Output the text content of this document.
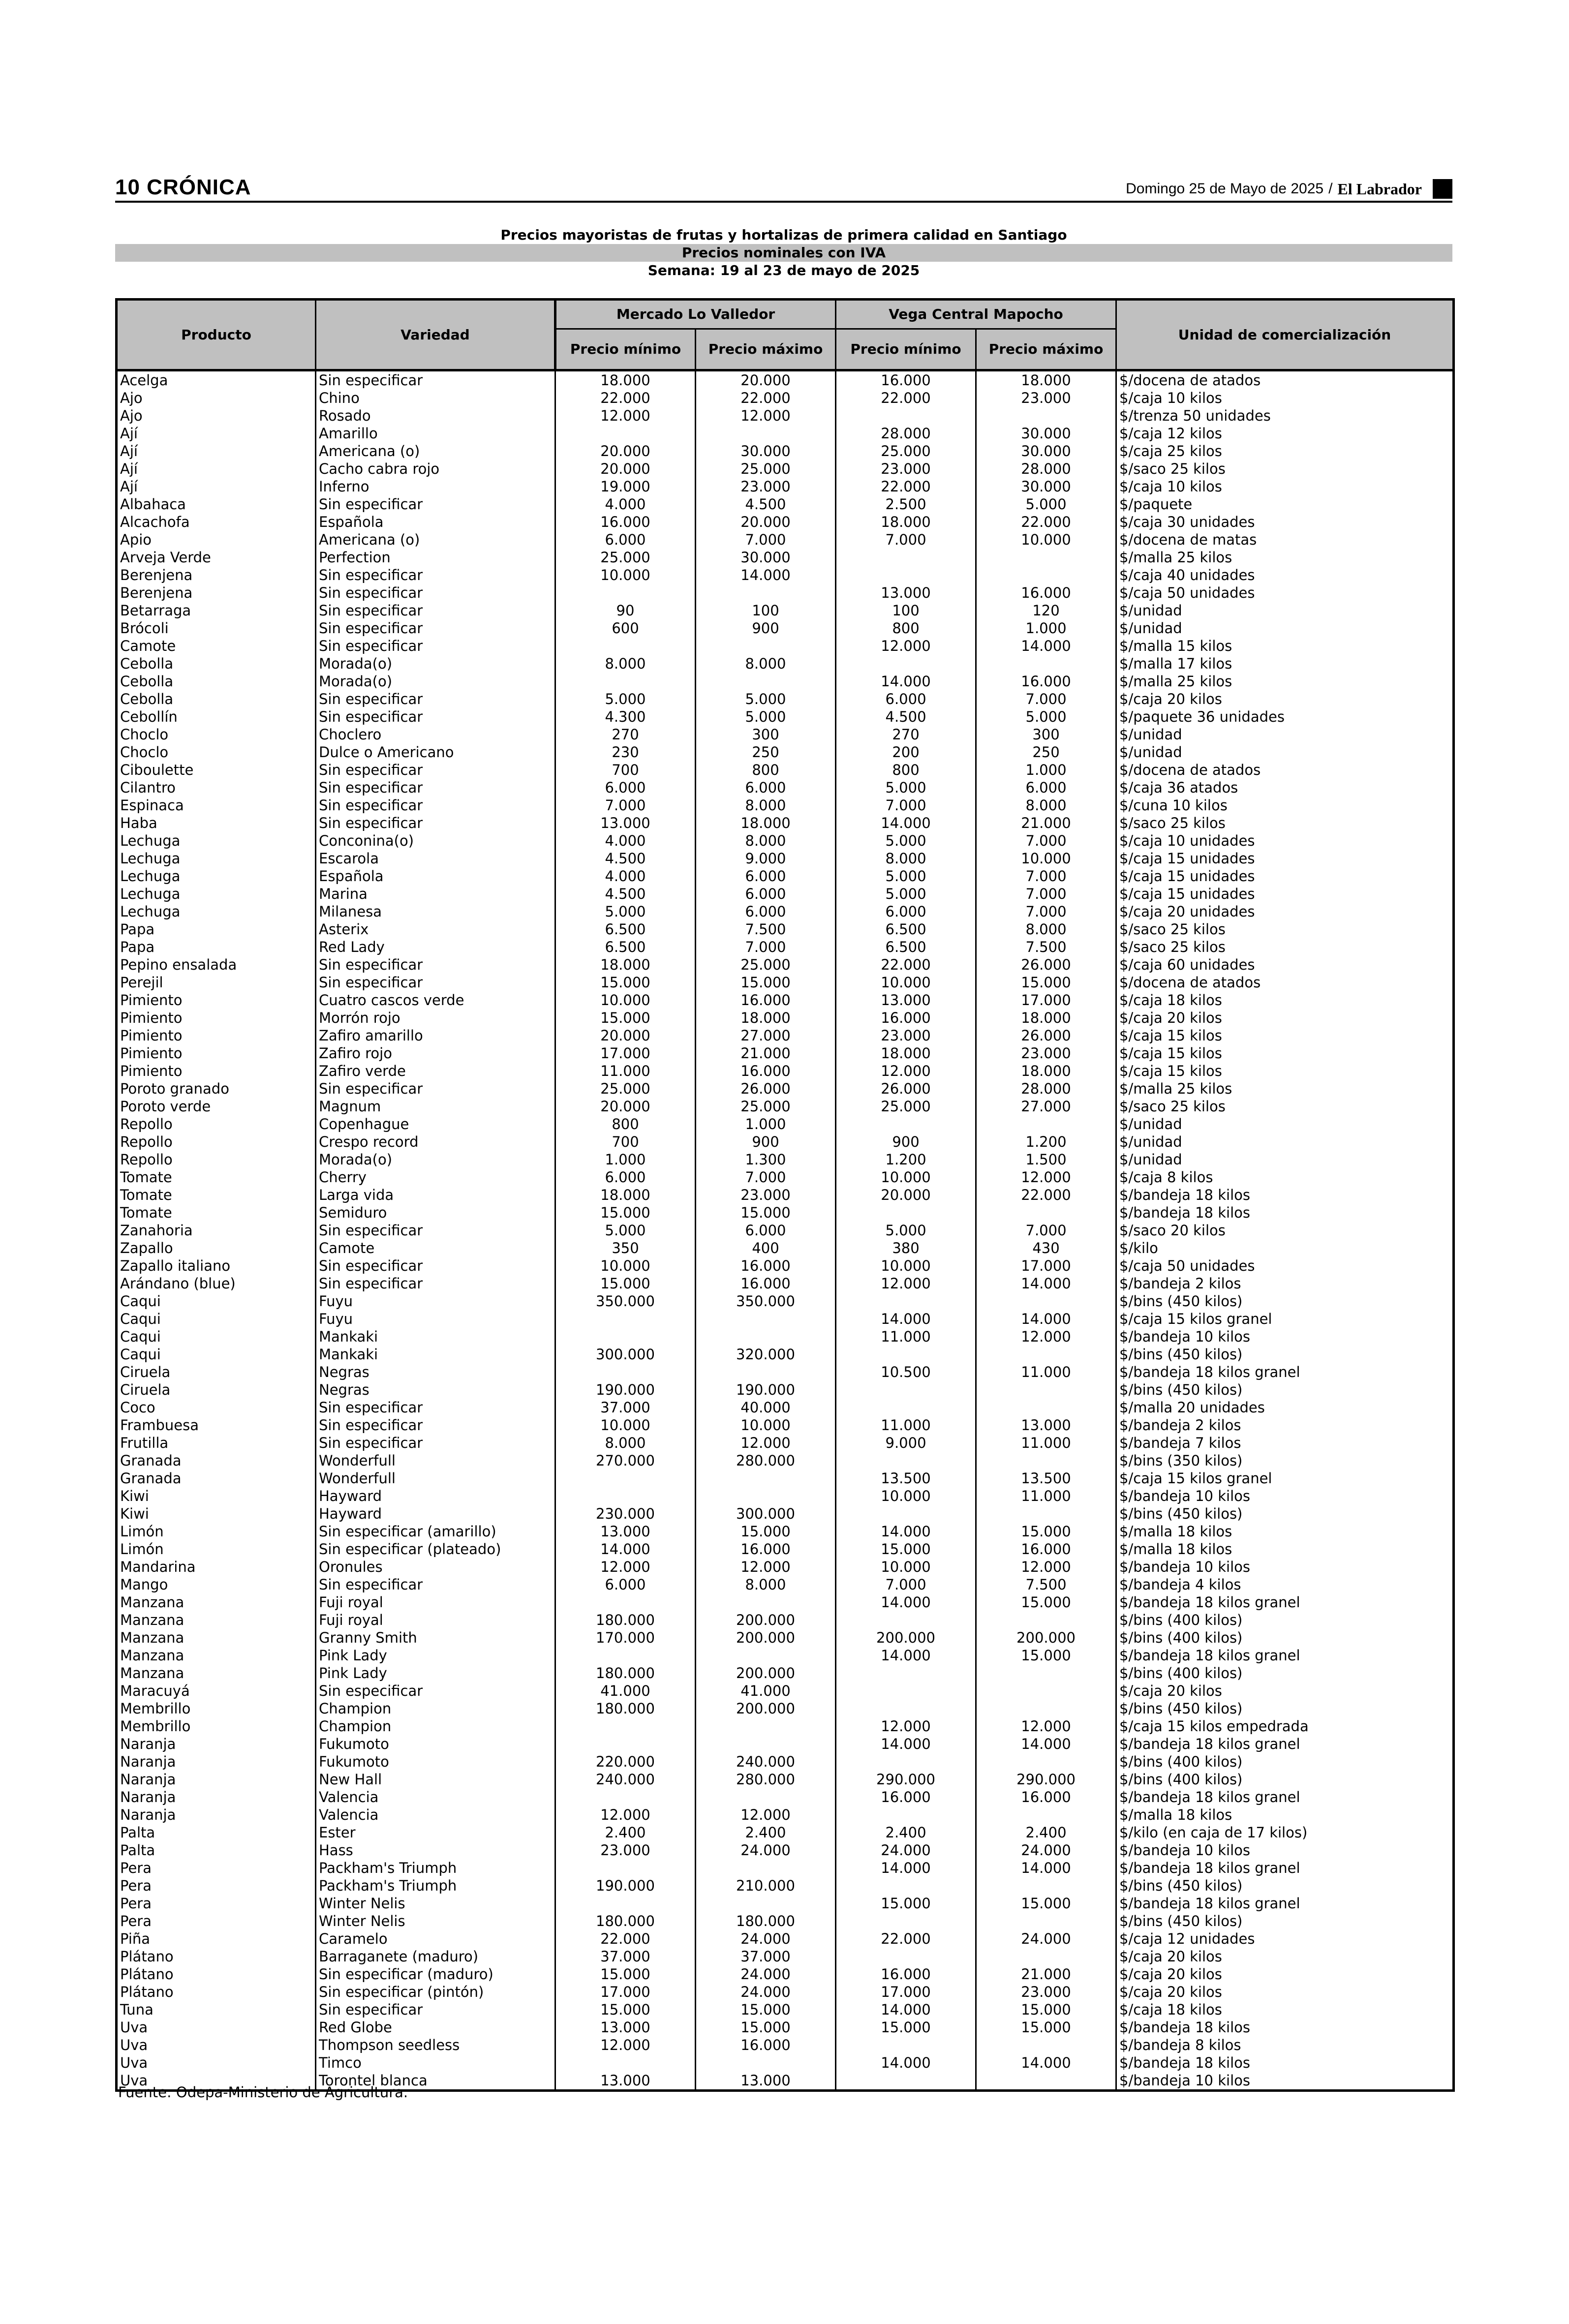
10 CRÓNICA	Domingo 25 de Mayo de 2025 / El Labrador
Precios mayoristas de frutas y hortalizas de primera calidad en Santiago
Precios nominales con IVA
Semana: 19 al 23 de mayo de 2025
Producto	Variedad	Mercado Lo Valledor		Vega Central Mapocho		Unidad de comercialización
		Precio mínimo	Precio máximo	Precio mínimo	Precio máximo	
Acelga	Sin especificar	18.000	20.000	16.000	18.000	$/docena de atados
Ajo	Chino	22.000	22.000	22.000	23.000	$/caja 10 kilos
Ajo	Rosado	12.000	12.000			$/trenza 50 unidades
Ají	Amarillo			28.000	30.000	$/caja 12 kilos
Ají	Americana (o)	20.000	30.000	25.000	30.000	$/caja 25 kilos
Ají	Cacho cabra rojo	20.000	25.000	23.000	28.000	$/saco 25 kilos
Ají	Inferno	19.000	23.000	22.000	30.000	$/caja 10 kilos
Albahaca	Sin especificar	4.000	4.500	2.500	5.000	$/paquete
Alcachofa	Española	16.000	20.000	18.000	22.000	$/caja 30 unidades
Apio	Americana (o)	6.000	7.000	7.000	10.000	$/docena de matas
Arveja Verde	Perfection	25.000	30.000			$/malla 25 kilos
Berenjena	Sin especificar	10.000	14.000			$/caja 40 unidades
Berenjena	Sin especificar			13.000	16.000	$/caja 50 unidades
Betarraga	Sin especificar	90	100	100	120	$/unidad
Brócoli	Sin especificar	600	900	800	1.000	$/unidad
Camote	Sin especificar			12.000	14.000	$/malla 15 kilos
Cebolla	Morada(o)	8.000	8.000			$/malla 17 kilos
Cebolla	Morada(o)			14.000	16.000	$/malla 25 kilos
Cebolla	Sin especificar	5.000	5.000	6.000	7.000	$/caja 20 kilos
Cebollín	Sin especificar	4.300	5.000	4.500	5.000	$/paquete 36 unidades
Choclo	Choclero	270	300	270	300	$/unidad
Choclo	Dulce o Americano	230	250	200	250	$/unidad
Ciboulette	Sin especificar	700	800	800	1.000	$/docena de atados
Cilantro	Sin especificar	6.000	6.000	5.000	6.000	$/caja 36 atados
Espinaca	Sin especificar	7.000	8.000	7.000	8.000	$/cuna 10 kilos
Haba	Sin especificar	13.000	18.000	14.000	21.000	$/saco 25 kilos
Lechuga	Conconina(o)	4.000	8.000	5.000	7.000	$/caja 10 unidades
Lechuga	Escarola	4.500	9.000	8.000	10.000	$/caja 15 unidades
Lechuga	Española	4.000	6.000	5.000	7.000	$/caja 15 unidades
Lechuga	Marina	4.500	6.000	5.000	7.000	$/caja 15 unidades
Lechuga	Milanesa	5.000	6.000	6.000	7.000	$/caja 20 unidades
Papa	Asterix	6.500	7.500	6.500	8.000	$/saco 25 kilos
Papa	Red Lady	6.500	7.000	6.500	7.500	$/saco 25 kilos
Pepino ensalada	Sin especificar	18.000	25.000	22.000	26.000	$/caja 60 unidades
Perejil	Sin especificar	15.000	15.000	10.000	15.000	$/docena de atados
Pimiento	Cuatro cascos verde	10.000	16.000	13.000	17.000	$/caja 18 kilos
Pimiento	Morrón rojo	15.000	18.000	16.000	18.000	$/caja 20 kilos
Pimiento	Zafiro amarillo	20.000	27.000	23.000	26.000	$/caja 15 kilos
Pimiento	Zafiro rojo	17.000	21.000	18.000	23.000	$/caja 15 kilos
Pimiento	Zafiro verde	11.000	16.000	12.000	18.000	$/caja 15 kilos
Poroto granado	Sin especificar	25.000	26.000	26.000	28.000	$/malla 25 kilos
Poroto verde	Magnum	20.000	25.000	25.000	27.000	$/saco 25 kilos
Repollo	Copenhague	800	1.000			$/unidad
Repollo	Crespo record	700	900	900	1.200	$/unidad
Repollo	Morada(o)	1.000	1.300	1.200	1.500	$/unidad
Tomate	Cherry	6.000	7.000	10.000	12.000	$/caja 8 kilos
Tomate	Larga vida	18.000	23.000	20.000	22.000	$/bandeja 18 kilos
Tomate	Semiduro	15.000	15.000			$/bandeja 18 kilos
Zanahoria	Sin especificar	5.000	6.000	5.000	7.000	$/saco 20 kilos
Zapallo	Camote	350	400	380	430	$/kilo
Zapallo italiano	Sin especificar	10.000	16.000	10.000	17.000	$/caja 50 unidades
Arándano (blue)	Sin especificar	15.000	16.000	12.000	14.000	$/bandeja 2 kilos
Caqui	Fuyu	350.000	350.000			$/bins (450 kilos)
Caqui	Fuyu			14.000	14.000	$/caja 15 kilos granel
Caqui	Mankaki			11.000	12.000	$/bandeja 10 kilos
Caqui	Mankaki	300.000	320.000			$/bins (450 kilos)
Ciruela	Negras			10.500	11.000	$/bandeja 18 kilos granel
Ciruela	Negras	190.000	190.000			$/bins (450 kilos)
Coco	Sin especificar	37.000	40.000			$/malla 20 unidades
Frambuesa	Sin especificar	10.000	10.000	11.000	13.000	$/bandeja 2 kilos
Frutilla	Sin especificar	8.000	12.000	9.000	11.000	$/bandeja 7 kilos
Granada	Wonderfull	270.000	280.000			$/bins (350 kilos)
Granada	Wonderfull			13.500	13.500	$/caja 15 kilos granel
Kiwi	Hayward			10.000	11.000	$/bandeja 10 kilos
Kiwi	Hayward	230.000	300.000			$/bins (450 kilos)
Limón	Sin especificar (amarillo)	13.000	15.000	14.000	15.000	$/malla 18 kilos
Limón	Sin especificar (plateado)	14.000	16.000	15.000	16.000	$/malla 18 kilos
Mandarina	Oronules	12.000	12.000	10.000	12.000	$/bandeja 10 kilos
Mango	Sin especificar	6.000	8.000	7.000	7.500	$/bandeja 4 kilos
Manzana	Fuji royal			14.000	15.000	$/bandeja 18 kilos granel
Manzana	Fuji royal	180.000	200.000			$/bins (400 kilos)
Manzana	Granny Smith	170.000	200.000	200.000	200.000	$/bins (400 kilos)
Manzana	Pink Lady			14.000	15.000	$/bandeja 18 kilos granel
Manzana	Pink Lady	180.000	200.000			$/bins (400 kilos)
Maracuyá	Sin especificar	41.000	41.000			$/caja 20 kilos
Membrillo	Champion	180.000	200.000			$/bins (450 kilos)
Membrillo	Champion			12.000	12.000	$/caja 15 kilos empedrada
Naranja	Fukumoto			14.000	14.000	$/bandeja 18 kilos granel
Naranja	Fukumoto	220.000	240.000			$/bins (400 kilos)
Naranja	New Hall	240.000	280.000	290.000	290.000	$/bins (400 kilos)
Naranja	Valencia			16.000	16.000	$/bandeja 18 kilos granel
Naranja	Valencia	12.000	12.000			$/malla 18 kilos
Palta	Ester	2.400	2.400	2.400	2.400	$/kilo (en caja de 17 kilos)
Palta	Hass	23.000	24.000	24.000	24.000	$/bandeja 10 kilos
Pera	Packham's Triumph			14.000	14.000	$/bandeja 18 kilos granel
Pera	Packham's Triumph	190.000	210.000			$/bins (450 kilos)
Pera	Winter Nelis			15.000	15.000	$/bandeja 18 kilos granel
Pera	Winter Nelis	180.000	180.000			$/bins (450 kilos)
Piña	Caramelo	22.000	24.000	22.000	24.000	$/caja 12 unidades
Plátano	Barraganete (maduro)	37.000	37.000			$/caja 20 kilos
Plátano	Sin especificar (maduro)	15.000	24.000	16.000	21.000	$/caja 20 kilos
Plátano	Sin especificar (pintón)	17.000	24.000	17.000	23.000	$/caja 20 kilos
Tuna	Sin especificar	15.000	15.000	14.000	15.000	$/caja 18 kilos
Uva	Red Globe	13.000	15.000	15.000	15.000	$/bandeja 18 kilos
Uva	Thompson seedless	12.000	16.000			$/bandeja 8 kilos
Uva	Timco			14.000	14.000	$/bandeja 18 kilos
Uva	Torontel blanca	13.000	13.000			$/bandeja 10 kilos
Fuente: Odepa-Ministerio de Agricultura.
